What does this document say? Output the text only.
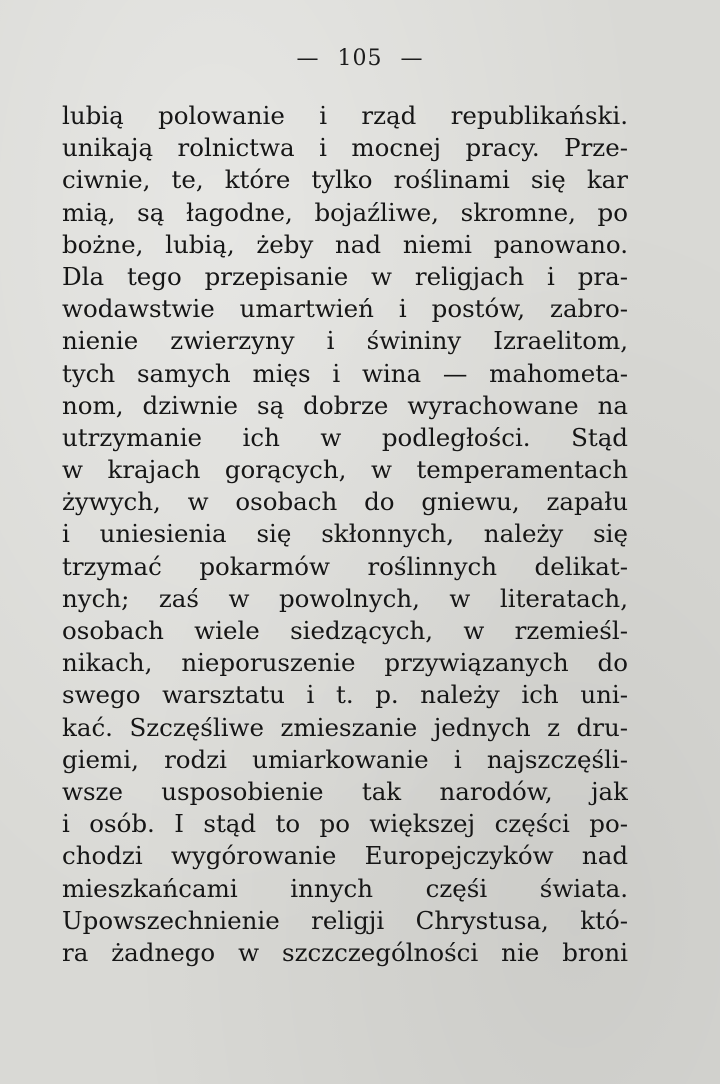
— 105 —
lubią polowanie i rząd republikański.
unikają rolnictwa i mocnej pracy. Prze-
ciwnie, te, które tylko roślinami się kar
mią, są łagodne, bojaźliwe, skromne, po
bożne, lubią, żeby nad niemi panowano.
Dla tego przepisanie w religjach i pra-
wodawstwie umartwień i postów, zabro-
nienie zwierzyny i świniny Izraelitom,
tych samych mięs i wina — mahometa-
nom, dziwnie są dobrze wyrachowane na
utrzymanie ich w podległości. Stąd
w krajach gorących, w temperamentach
żywych, w osobach do gniewu, zapału
i uniesienia się skłonnych, należy się
trzymać pokarmów roślinnych delikat-
nych; zaś w powolnych, w literatach,
osobach wiele siedzących, w rzemieśl-
nikach, nieporuszenie przywiązanych do
swego warsztatu i t. p. należy ich uni-
kać. Szczęśliwe zmieszanie jednych z dru-
giemi, rodzi umiarkowanie i najszczęśli-
wsze usposobienie tak narodów, jak
i osób. I stąd to po większej części po-
chodzi wygórowanie Europejczyków nad
mieszkańcami innych częśi świata.
Upowszechnienie religji Chrystusa, któ-
ra żadnego w szczczególności nie broni
